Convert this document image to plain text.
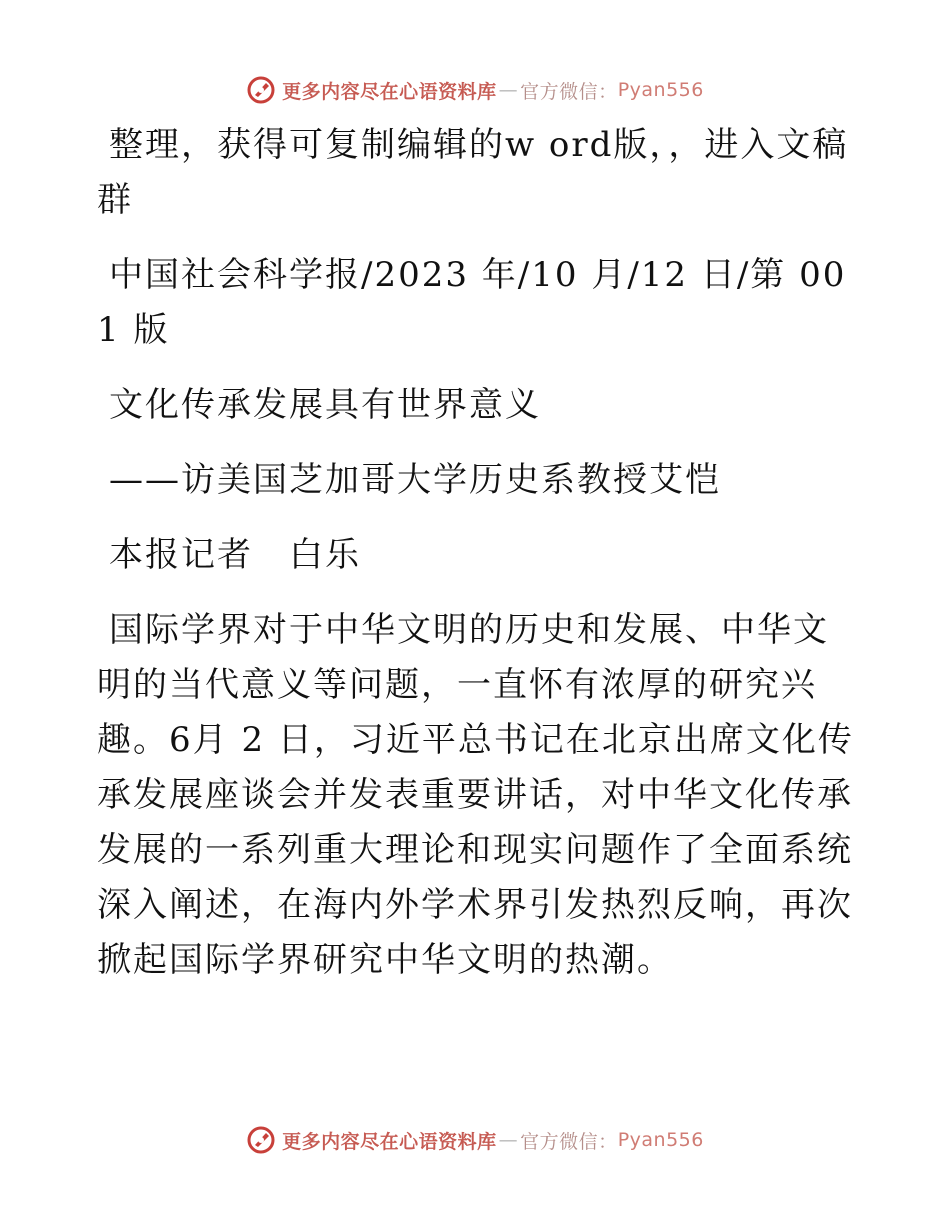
更多内容尽在心语资料库 — 官方微信： Pyan556

整理，获得可复制编辑的w ord版，，进入文稿群

中国社会科学报/2023 年/10 月/12 日/第 001 版

文化传承发展具有世界意义

——访美国芝加哥大学历史系教授艾恺

本报记者　白乐

国际学界对于中华文明的历史和发展、中华文明的当代意义等问题，一直怀有浓厚的研究兴趣。6月 2 日，习近平总书记在北京出席文化传承发展座谈会并发表重要讲话，对中华文化传承发展的一系列重大理论和现实问题作了全面系统深入阐述，在海内外学术界引发热烈反响，再次掀起国际学界研究中华文明的热潮。

更多内容尽在心语资料库 — 官方微信： Pyan556
